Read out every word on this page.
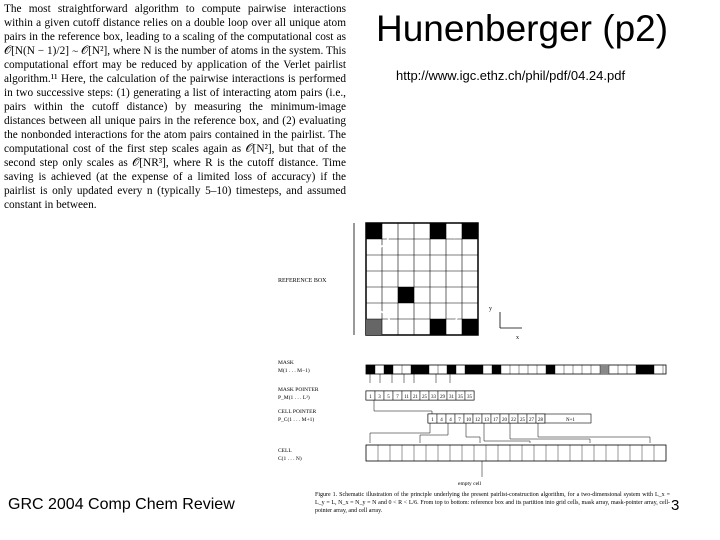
Hunenberger (p2)
http://www.igc.ethz.ch/phil/pdf/04.24.pdf

The most straightforward algorithm to compute pairwise interactions within a given cutoff distance relies on a double loop over all unique atom pairs in the reference box, leading to a scaling of the computational cost as 𝒪[N(N − 1)/2] ∼ 𝒪[N²], where N is the number of atoms in the system. This computational effort may be reduced by application of the Verlet pairlist algorithm.¹¹ Here, the calculation of the pairwise interactions is performed in two successive steps: (1) generating a list of interacting atom pairs (i.e., pairs within the cutoff distance) by measuring the minimum-image distances between all unique pairs in the reference box, and (2) evaluating the nonbonded interactions for the atom pairs contained in the pairlist. The computational cost of the first step scales again as 𝒪[N²], but that of the second step only scales as 𝒪[NR³], where R is the cutoff distance. Time saving is achieved (at the expense of a limited loss of accuracy) if the pairlist is only updated every n (typically 5–10) timesteps, and assumed constant in between.

REFERENCE BOX
x
y
MASK
M(1 . . . M−1)
MASK POINTER
P_M(1 . . . L²)
CELL POINTER
P_C(1 . . . M+1)
CELL
C(1 . . . N)
1 3 5 7 11 21 25 33 29 31 35 35
1 4 4 7 10 12 13 17 20 22 25 27 28	N+1
empty cell

Figure 1. Schematic illustration of the principle underlying the present pairlist-construction algorithm, for a two-dimensional system with L_x = L_y = L, N_x = N_y = N and 0 < R < L/6. From top to bottom: reference box and its partition into grid cells, mask array, mask-pointer array, cell-pointer array, and cell array.

GRC 2004 Comp Chem Review	3
